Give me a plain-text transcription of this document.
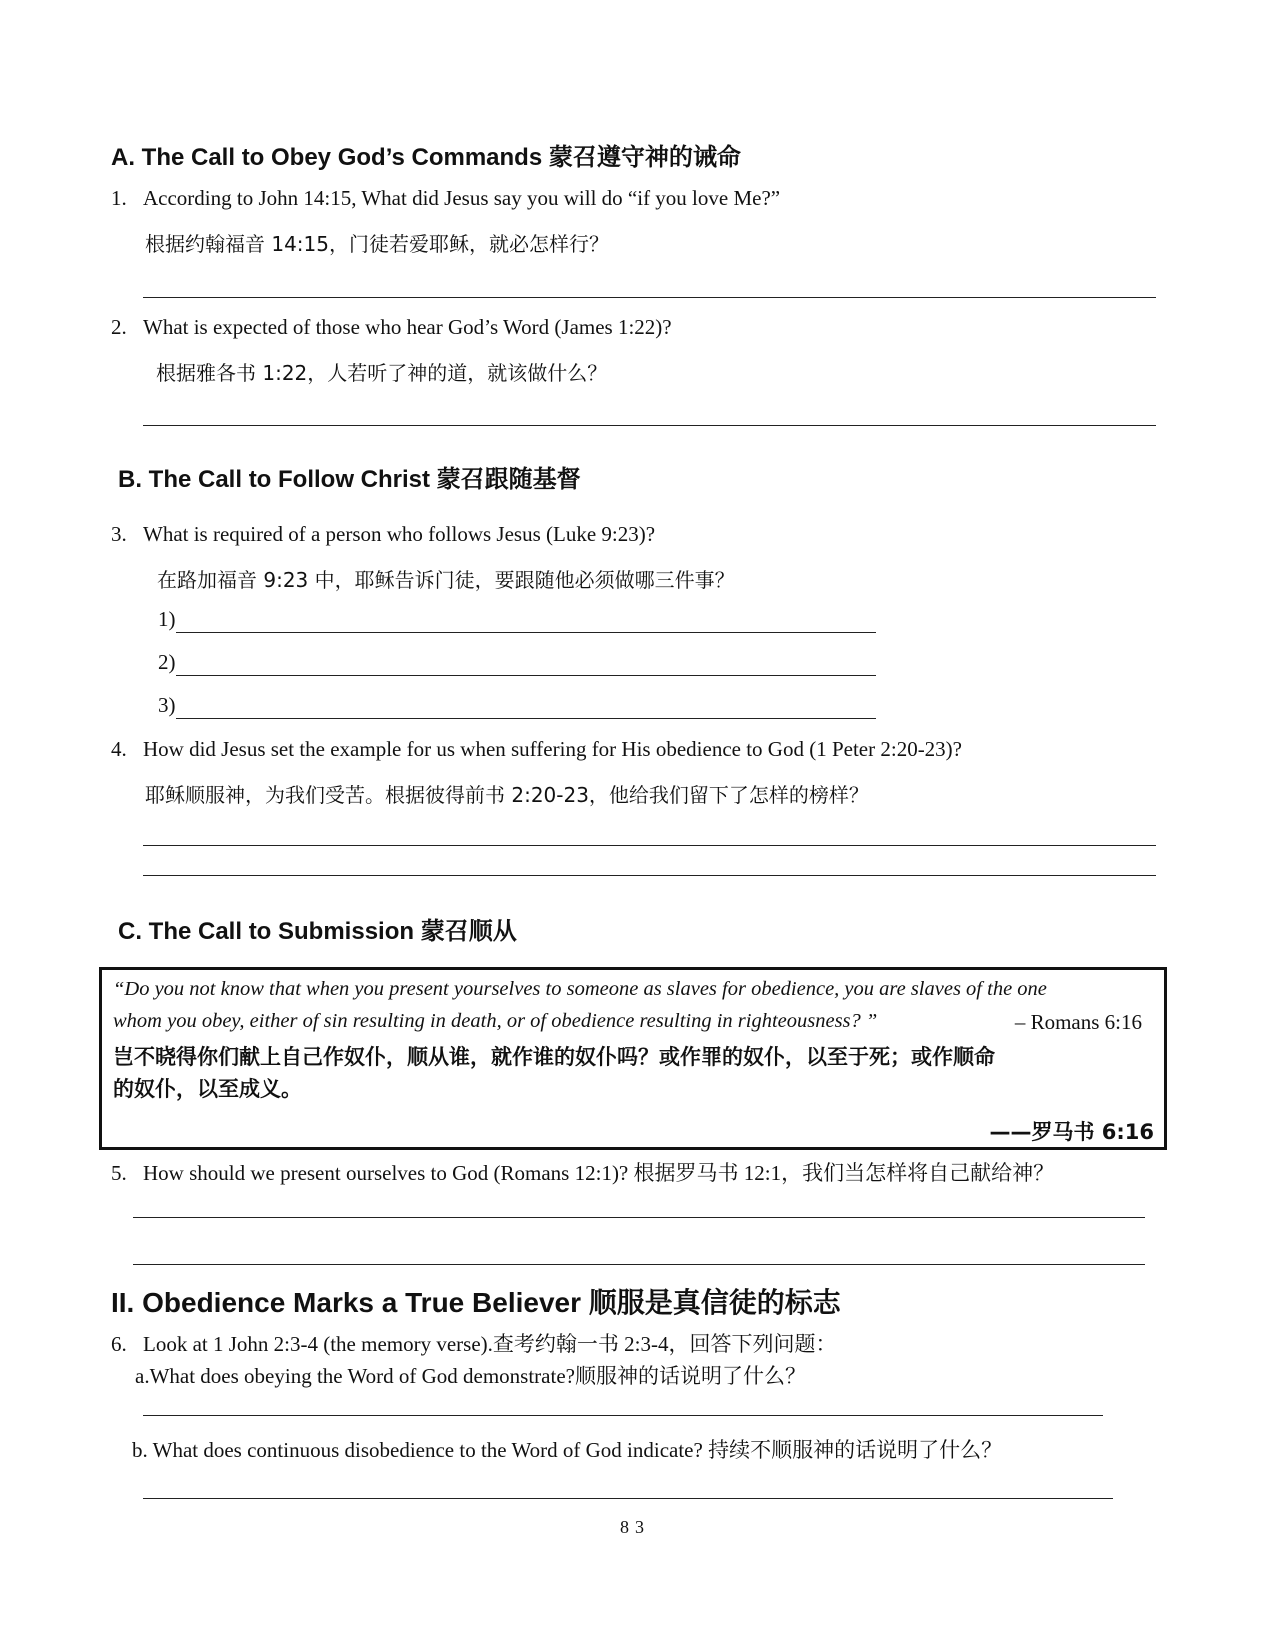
A. The Call to Obey God’s Commands 蒙召遵守神的诫命
1. According to John 14:15, What did Jesus say you will do “if you love Me?”
根据约翰福音 14:15，门徒若爱耶稣，就必怎样行？
2. What is expected of those who hear God’s Word (James 1:22)?
根据雅各书 1:22，人若听了神的道，就该做什么？
B. The Call to Follow Christ 蒙召跟随基督
3. What is required of a person who follows Jesus (Luke 9:23)?
在路加福音 9:23 中，耶稣告诉门徒，要跟随他必须做哪三件事？
1)
2)
3)
4. How did Jesus set the example for us when suffering for His obedience to God (1 Peter 2:20-23)?
耶稣顺服神，为我们受苦。根据彼得前书 2:20-23，他给我们留下了怎样的榜样？
C. The Call to Submission 蒙召顺从
“Do you not know that when you present yourselves to someone as slaves for obedience, you are slaves of the one
whom you obey, either of sin resulting in death, or of obedience resulting in righteousness? ”	– Romans 6:16
岂不晓得你们献上自己作奴仆，顺从谁，就作谁的奴仆吗？或作罪的奴仆，以至于死；或作顺命
的奴仆，以至成义。
——罗马书 6:16
5. How should we present ourselves to God (Romans 12:1)? 根据罗马书 12:1，我们当怎样将自己献给神？
II. Obedience Marks a True Believer 顺服是真信徒的标志
6. Look at 1 John 2:3-4 (the memory verse).查考约翰一书 2:3-4，回答下列问题：
a.What does obeying the Word of God demonstrate?顺服神的话说明了什么？
b. What does continuous disobedience to the Word of God indicate? 持续不顺服神的话说明了什么？
83
